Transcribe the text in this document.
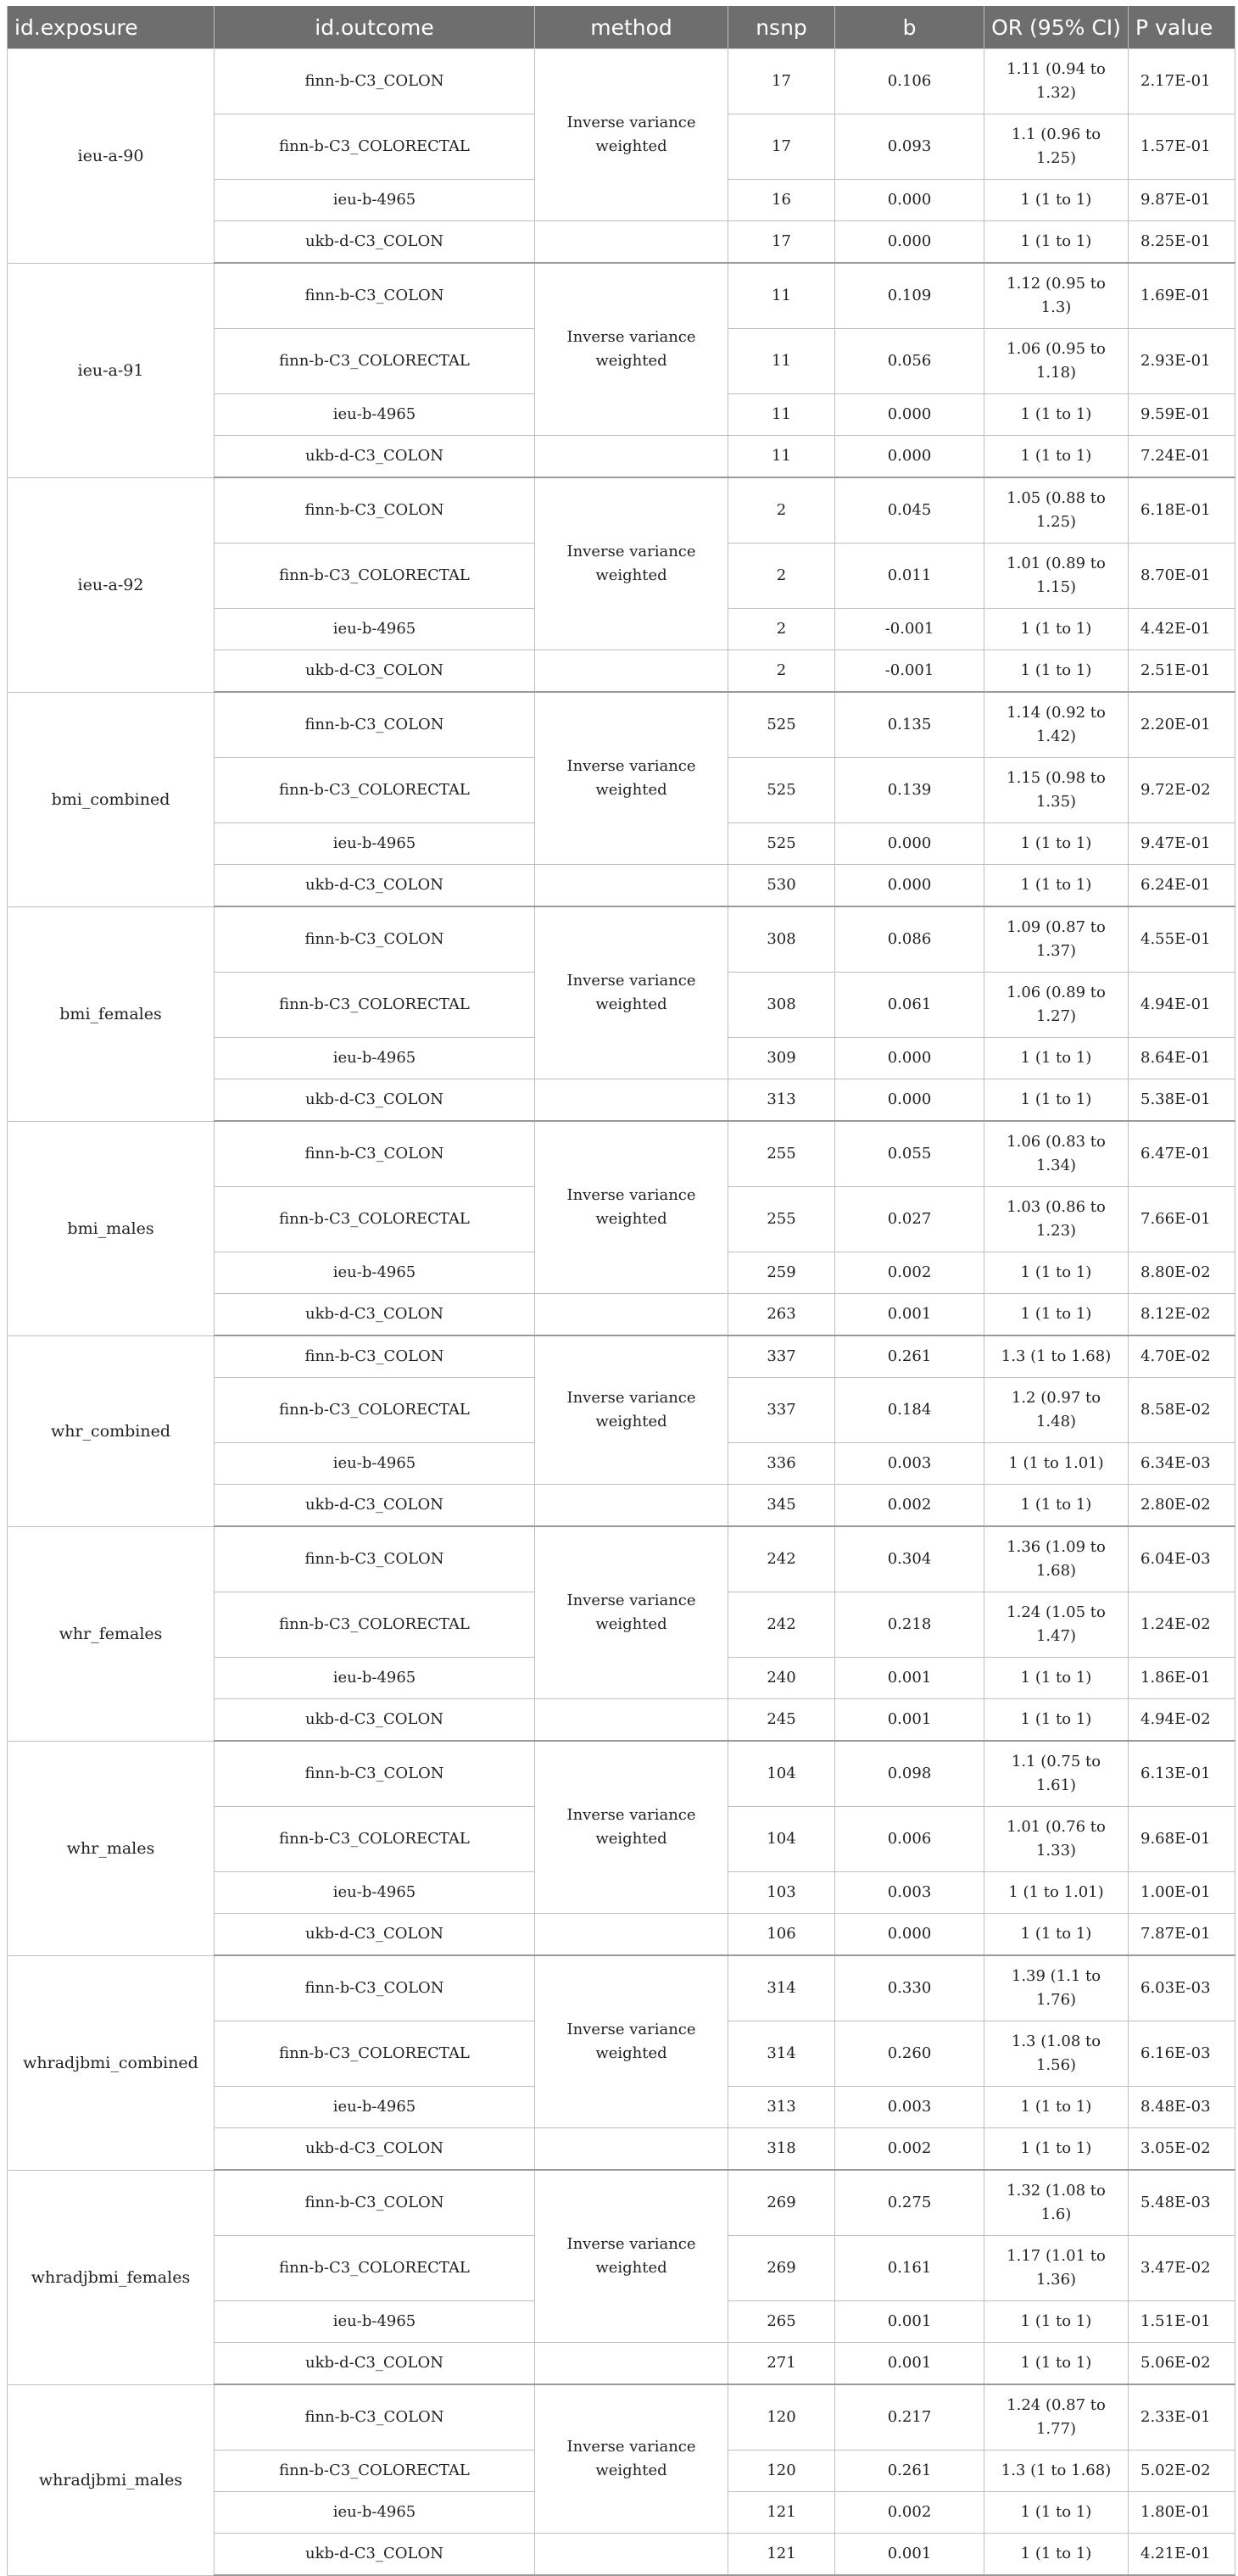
id.exposure	id.outcome	method	nsnp	b	OR (95% CI)	P value
ieu-a-90	finn-b-C3_COLON	Inverse variance weighted	17	0.106	1.11 (0.94 to 1.32)	2.17E-01
	finn-b-C3_COLORECTAL		17	0.093	1.1 (0.96 to 1.25)	1.57E-01
	ieu-b-4965		16	0.000	1 (1 to 1)	9.87E-01
	ukb-d-C3_COLON		17	0.000	1 (1 to 1)	8.25E-01
ieu-a-91	finn-b-C3_COLON	Inverse variance weighted	11	0.109	1.12 (0.95 to 1.3)	1.69E-01
	finn-b-C3_COLORECTAL		11	0.056	1.06 (0.95 to 1.18)	2.93E-01
	ieu-b-4965		11	0.000	1 (1 to 1)	9.59E-01
	ukb-d-C3_COLON		11	0.000	1 (1 to 1)	7.24E-01
ieu-a-92	finn-b-C3_COLON	Inverse variance weighted	2	0.045	1.05 (0.88 to 1.25)	6.18E-01
	finn-b-C3_COLORECTAL		2	0.011	1.01 (0.89 to 1.15)	8.70E-01
	ieu-b-4965		2	-0.001	1 (1 to 1)	4.42E-01
	ukb-d-C3_COLON		2	-0.001	1 (1 to 1)	2.51E-01
bmi_combined	finn-b-C3_COLON	Inverse variance weighted	525	0.135	1.14 (0.92 to 1.42)	2.20E-01
	finn-b-C3_COLORECTAL		525	0.139	1.15 (0.98 to 1.35)	9.72E-02
	ieu-b-4965		525	0.000	1 (1 to 1)	9.47E-01
	ukb-d-C3_COLON		530	0.000	1 (1 to 1)	6.24E-01
bmi_females	finn-b-C3_COLON	Inverse variance weighted	308	0.086	1.09 (0.87 to 1.37)	4.55E-01
	finn-b-C3_COLORECTAL		308	0.061	1.06 (0.89 to 1.27)	4.94E-01
	ieu-b-4965		309	0.000	1 (1 to 1)	8.64E-01
	ukb-d-C3_COLON		313	0.000	1 (1 to 1)	5.38E-01
bmi_males	finn-b-C3_COLON	Inverse variance weighted	255	0.055	1.06 (0.83 to 1.34)	6.47E-01
	finn-b-C3_COLORECTAL		255	0.027	1.03 (0.86 to 1.23)	7.66E-01
	ieu-b-4965		259	0.002	1 (1 to 1)	8.80E-02
	ukb-d-C3_COLON		263	0.001	1 (1 to 1)	8.12E-02
whr_combined	finn-b-C3_COLON	Inverse variance weighted	337	0.261	1.3 (1 to 1.68)	4.70E-02
	finn-b-C3_COLORECTAL		337	0.184	1.2 (0.97 to 1.48)	8.58E-02
	ieu-b-4965		336	0.003	1 (1 to 1.01)	6.34E-03
	ukb-d-C3_COLON		345	0.002	1 (1 to 1)	2.80E-02
whr_females	finn-b-C3_COLON	Inverse variance weighted	242	0.304	1.36 (1.09 to 1.68)	6.04E-03
	finn-b-C3_COLORECTAL		242	0.218	1.24 (1.05 to 1.47)	1.24E-02
	ieu-b-4965		240	0.001	1 (1 to 1)	1.86E-01
	ukb-d-C3_COLON		245	0.001	1 (1 to 1)	4.94E-02
whr_males	finn-b-C3_COLON	Inverse variance weighted	104	0.098	1.1 (0.75 to 1.61)	6.13E-01
	finn-b-C3_COLORECTAL		104	0.006	1.01 (0.76 to 1.33)	9.68E-01
	ieu-b-4965		103	0.003	1 (1 to 1.01)	1.00E-01
	ukb-d-C3_COLON		106	0.000	1 (1 to 1)	7.87E-01
whradjbmi_combined	finn-b-C3_COLON	Inverse variance weighted	314	0.330	1.39 (1.1 to 1.76)	6.03E-03
	finn-b-C3_COLORECTAL		314	0.260	1.3 (1.08 to 1.56)	6.16E-03
	ieu-b-4965		313	0.003	1 (1 to 1)	8.48E-03
	ukb-d-C3_COLON		318	0.002	1 (1 to 1)	3.05E-02
whradjbmi_females	finn-b-C3_COLON	Inverse variance weighted	269	0.275	1.32 (1.08 to 1.6)	5.48E-03
	finn-b-C3_COLORECTAL		269	0.161	1.17 (1.01 to 1.36)	3.47E-02
	ieu-b-4965		265	0.001	1 (1 to 1)	1.51E-01
	ukb-d-C3_COLON		271	0.001	1 (1 to 1)	5.06E-02
whradjbmi_males	finn-b-C3_COLON	Inverse variance weighted	120	0.217	1.24 (0.87 to 1.77)	2.33E-01
	finn-b-C3_COLORECTAL		120	0.261	1.3 (1 to 1.68)	5.02E-02
	ieu-b-4965		121	0.002	1 (1 to 1)	1.80E-01
	ukb-d-C3_COLON		121	0.001	1 (1 to 1)	4.21E-01
